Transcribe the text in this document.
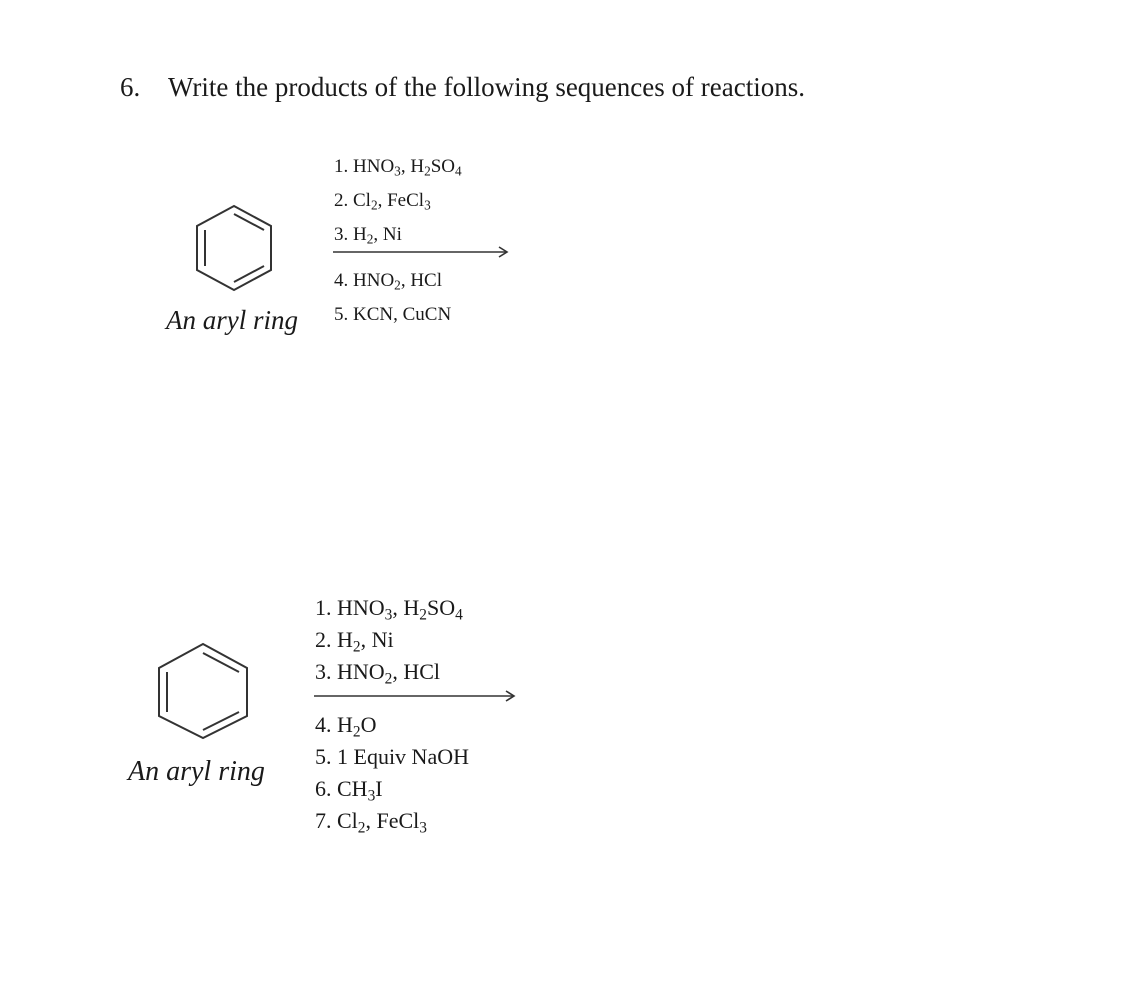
6. Write the products of the following sequences of reactions.
An aryl ring
1. $HNO_3$, $H_2SO_4$
2. $Cl_2$, FeCl$_3$
3. $H_2$, Ni
4. $HNO_2$, HCl
5. KCN, CuCN
An aryl ring
1. $HNO_3$, $H_2SO_4$
2. $H_2$, Ni
3. $HNO_2$, HCl
4. $H_2O$
5. 1 Equiv NaOH
6. $CH_3I$
7. $Cl_2$, FeCl$_3$
